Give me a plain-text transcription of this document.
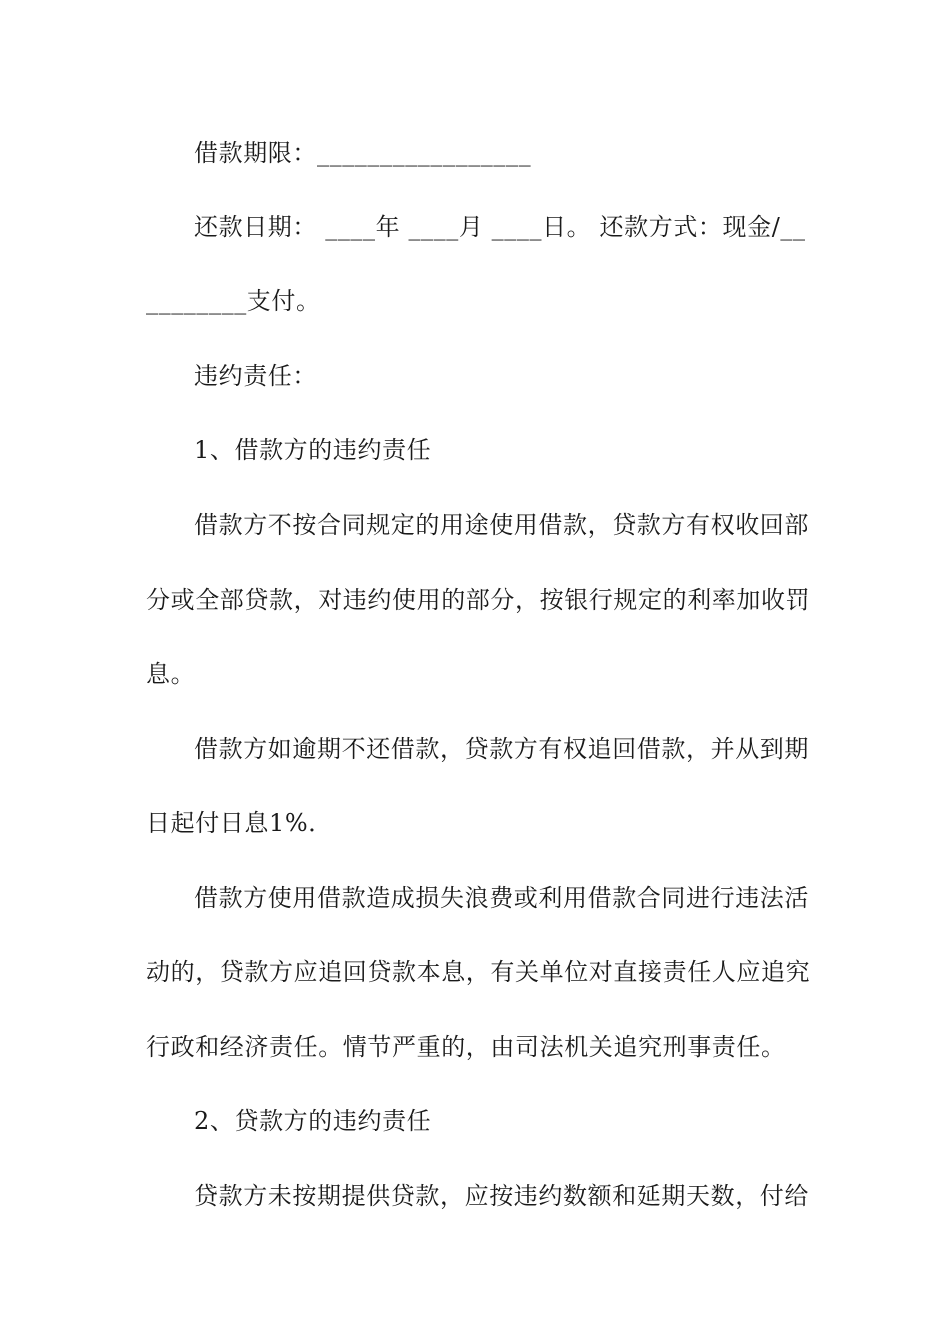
借款期限：_________________
还款日期： ____年 ____月 ____日。 还款方式：现金/__
________支付。
违约责任：
1、借款方的违约责任
借款方不按合同规定的用途使用借款，贷款方有权收回部
分或全部贷款，对违约使用的部分，按银行规定的利率加收罚
息。
借款方如逾期不还借款，贷款方有权追回借款，并从到期
日起付日息1%．
借款方使用借款造成损失浪费或利用借款合同进行违法活
动的，贷款方应追回贷款本息，有关单位对直接责任人应追究
行政和经济责任。情节严重的，由司法机关追究刑事责任。
2、贷款方的违约责任
贷款方未按期提供贷款，应按违约数额和延期天数，付给
